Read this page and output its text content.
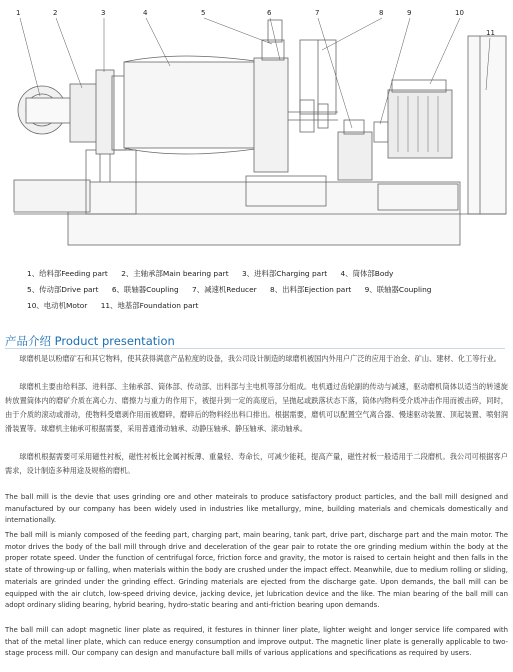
1	2	3	4	5	6	7	8	9	10
11
1、给料部Feeding part 2、主轴承部Main bearing part 3、进料部Charging part 4、筒体部Body
5、传动部Drive part 6、联轴器Coupling 7、减速机Reducer 8、出料部Ejection part 9、联轴器Coupling
10、电动机Motor 11、地基部Foundation part
产品介绍 Product presentation

球磨机是以粉磨矿石和其它物料，使其获得满意产品粒度的设备，我公司设计制造的球磨机被国内外用户广泛的应用于冶金、矿山、建材、化工等行业。

球磨机主要由给料部、进料部、主轴承部、筒体部、传动部、出料部与主电机等部分组成。电机通过齿轮副的传动与减速，驱动磨机筒体以适当的转速旋转放置筒体内的磨矿介质在离心力、磨擦力与重力的作用下，被提升到一定的高度后，呈抛起或跌落状态下落，筒体内物料受介质冲击作用而被击碎，同时，由于介质的滚动或滑动，使物料受磨剥作用而被磨碎，磨碎后的物料经出料口排出。根据需要，磨机可以配置空气离合器、慢速驱动装置、顶起装置、喷射润滑装置等。球磨机主轴承可根据需要，采用普通滑动轴承、动静压轴承、静压轴承、滚动轴承。

球磨机根据需要可采用磁性衬板，磁性衬板比金属衬板薄、重量轻、寿命长，可减少能耗，提高产量，磁性衬板一般适用于二段磨机。我公司可根据客户需求，设计制造多种用途及规格的磨机。

The ball mill is the devie that uses grinding ore and other mateirals to produce satisfactory product particles, and the ball mill designed and manufactured by our company has been widely used in industries like metallurgy, mine, building materials and chemicals domestically and internationally.

The ball mill is mianly composed of the feeding part, charging part, main bearing, tank part, drive part, discharge part and the main motor. The motor drives the body of the ball mill through drive and deceleration of the gear pair to rotate the ore grinding medium within the body at the proper rotate speed. Under the function of centrifugal force, friction force and gravity, the motor is raised to certain height and then falls in the state of throwing-up or falling, when materials within the body are crushed under the impact effect. Meanwhile, due to medium rolling or sliding, materials are grinded under the grinding effect. Grinding materials are ejected from the discharge gate. Upon demands, the ball mill can be equipped with the air clutch, low-speed driving device, jacking device, jet lubrication device and the like. The mian bearing of the ball mill can adopt ordinary sliding bearing, hybrid bearing, hydro-static bearing and anti-friction bearing upon demands.

The ball mill can adopt magnetic liner plate as required, it festures in thinner liner plate, lighter weight and longer service life compared with that of the metal liner plate, which can reduce energy consumption and improve output. The magnetic liner plate is generally applicable to two-stage process mill. Our company can design and manufacture ball mills of various applications and specifications as required by users.
